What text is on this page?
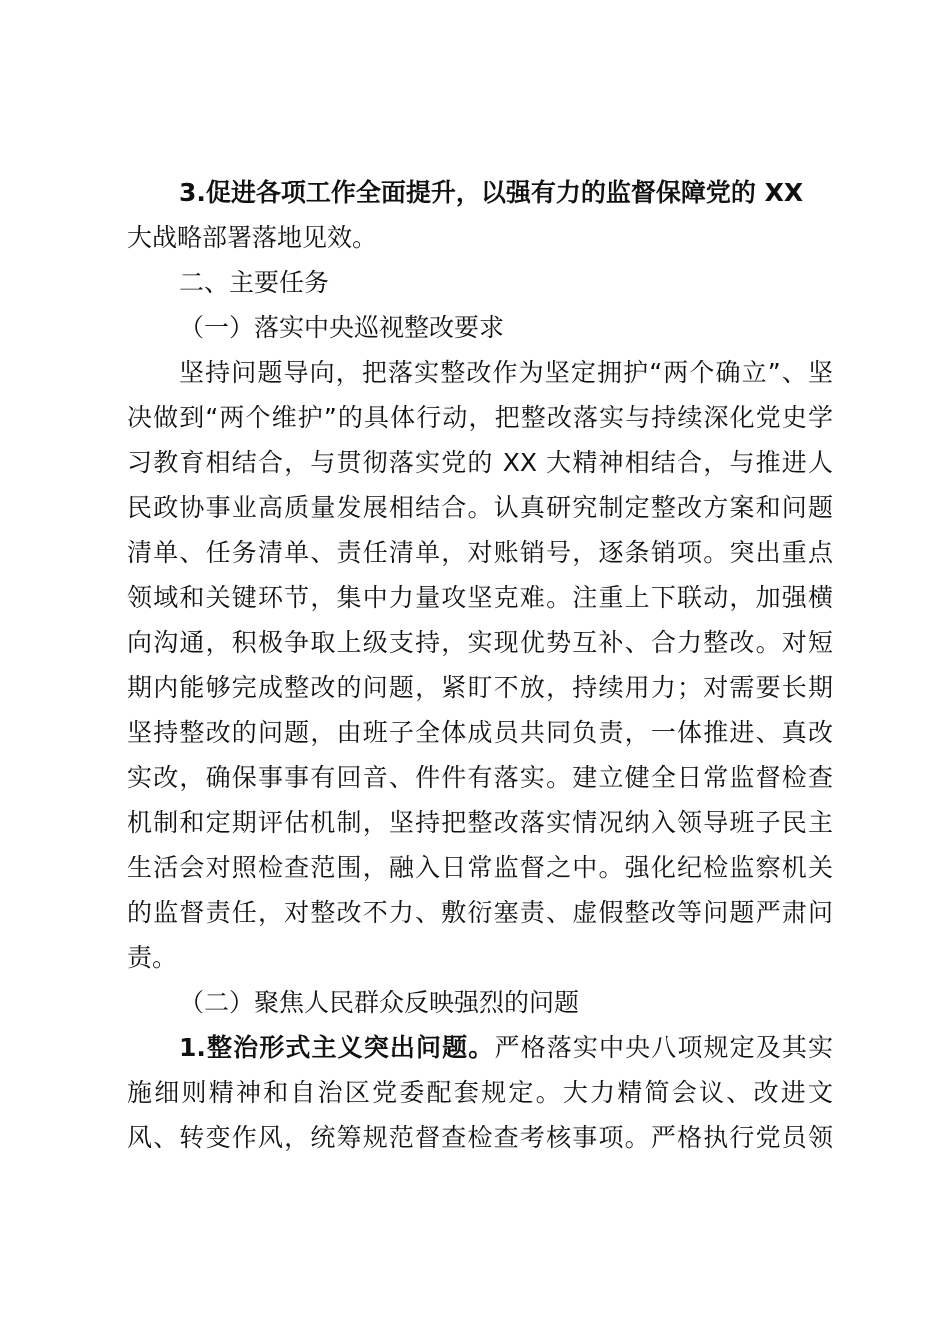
3.促进各项工作全面提升，以强有力的监督保障党的 XX
大战略部署落地见效。
二、主要任务
（一）落实中央巡视整改要求
坚持问题导向，把落实整改作为坚定拥护“两个确立”、坚
决做到“两个维护”的具体行动，把整改落实与持续深化党史学
习教育相结合，与贯彻落实党的 XX 大精神相结合，与推进人
民政协事业高质量发展相结合。认真研究制定整改方案和问题
清单、任务清单、责任清单，对账销号，逐条销项。突出重点
领域和关键环节，集中力量攻坚克难。注重上下联动，加强横
向沟通，积极争取上级支持，实现优势互补、合力整改。对短
期内能够完成整改的问题，紧盯不放，持续用力；对需要长期
坚持整改的问题，由班子全体成员共同负责，一体推进、真改
实改，确保事事有回音、件件有落实。建立健全日常监督检查
机制和定期评估机制，坚持把整改落实情况纳入领导班子民主
生活会对照检查范围，融入日常监督之中。强化纪检监察机关
的监督责任，对整改不力、敷衍塞责、虚假整改等问题严肃问
责。
（二）聚焦人民群众反映强烈的问题
1.整治形式主义突出问题。严格落实中央八项规定及其实
施细则精神和自治区党委配套规定。大力精简会议、改进文
风、转变作风，统筹规范督查检查考核事项。严格执行党员领
